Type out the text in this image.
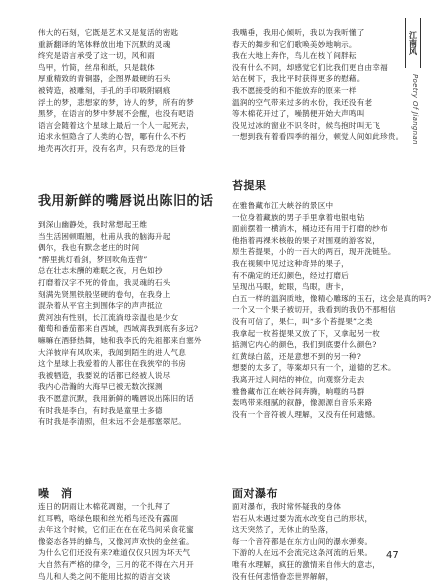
江南风
Poetry Of Jiangnan
伟大的石刻，它既是艺术又是复活的密匙
重新翻译的笔体释放出地下沉默的灵魂
终究是语言承受了这一切，风和雨
鸟甲，竹简，丝帛和纸，只是载体
厚重精致的青铜器，企图界最硬的石头
被铸造，被雕刻，手孔的手印吸附刷痕
浮土的梦，悲想家的梦，诗人的梦，所有的梦
黑梦，在语言的梦中梦展不会醒，也没有吧语
语言会随着这个星球上最后一个人一起死去，
追求永恒隐含了人类的心智，哪有什么不朽
地壳再次打开，没有名声，只有恐龙的巨骨
我用新鲜的嘴唇说出陈旧的话
到深山幽静处，我时常想起王维
当生活困顿暇翘，杜甫从我的脑海升起
偶尔，我也有默念老庄的时间
“醉里挑灯看剑，梦回吹角连营”
总在壮志未酬的难眠之夜，月色如抄
打磨着汉字不死的骨血，我灵魂的石头
刻满先贤黑铁般坚硬的卷句，在我身上
混杂着从平官主到围体字的声声抵泣
黄河浊有性别，长江流淌母亲温也是少女
葡萄和番茄都来自西域，西域离我到底有多远?
嘛嘛在酒驿热舞，她和我李氏的先祖都来自塞外
大洋彼岸有风吹来，我闻到陌生的进人气息
这个星球上我爱着的人都住在我狭窄的书房
我被牺造，我要说的话都已经被人说尽
我内心浩瀚的大海早已被无数次探测
我不愿意沉默，我用新鲜的嘴唇说出陈旧的话
有时我是李白，有时我是童里士多德
有时我是李清照，但未远不会是那塞翠尼。
噪　消
连日的阴雨让木棉花凋谢，一个扎拜了
红耳鸭，咯绿色眼和丝光稻鸟还没有露面
去年这个时候，它们正在在在花鸟间采食花蜜
像姿态各异的蜂鸟，又像河声欢快的金丝雀。
为什么它们还没有来?难道仅仅只因为坏天气
大自然有严格的律令，三月的花不得在六月开
鸟儿和人类之间不能用比拟的语言交谈
我嘴垂，我用心倾听，我以为我听懂了
春天的舞步和它们歌唤美妙地响示。
我在大地上奔作，鸟儿在枝丫间胖耘
没有什么不同，却感觉它们比我们更自由幸福
站在树下，我比平时获得更多的慰藉。
我不愿接受的和不能放弃的原来一样
温润的空气带来过多的水份，我还没有老
等木棉花开过了，噪鹊便开始大声鸣叫
没见过冰的窗业不识冬时，候鸟抱时叫无飞
一想到我有着看四季的福分，顿觉人间如此珍贵。
苔提果
在雅鲁藏布江大峡谷的景区中
一位身着藏族的男子手里拿着电银电钻
面前摆着一横消木，桶边还有用于打磨的纱布
他指着再裸米核般的果子对围观的游客说，
原生苔提果，小的一百大的两百，现开洗链坠。
我在视频中见过这种奇异的果子，
有不确定的还幻颜色，经过打磨后
呈现出马眼，蛇眼，鸟眼，唐卡，
白五一样的温润质地，像精心雕琢的玉石，这会是真的吗?
一个又一个果子被切开，我看到的我仍不那相信
没有可信了，果仁，叫“多个苔提果”之类
我拿起一枚苔提果又放了下，又拿起另一枚
掂测它内心的颜色，我们到底要什么颜色?
红黄绿白蓝，还是意想不到的另一种?
想要的太多了，等案却只有一个，道德的艺术。
我离开过人间结的神位，向观察分走去
雅鲁藏布江在峡谷间奔腾，晌噬的马群
轰鸣带来细腻的叙静，像源源自音乐来路
没有一个音符被人理解，又没有任何遗憾。
面对瀑布
面对瀑布，我时常怀疑我的身体
岩石从未遇过要为流水改变自己的形状，
这天突然了，无休止的坠落，
每一个音符都是在东方山间的瀑水弹奏。
下游的人在远不会流完这条河流的后果。
唯有水理解，疯狂的激情来自伟大的意志，
没有任何悲惜眷恋世界解解，
47
